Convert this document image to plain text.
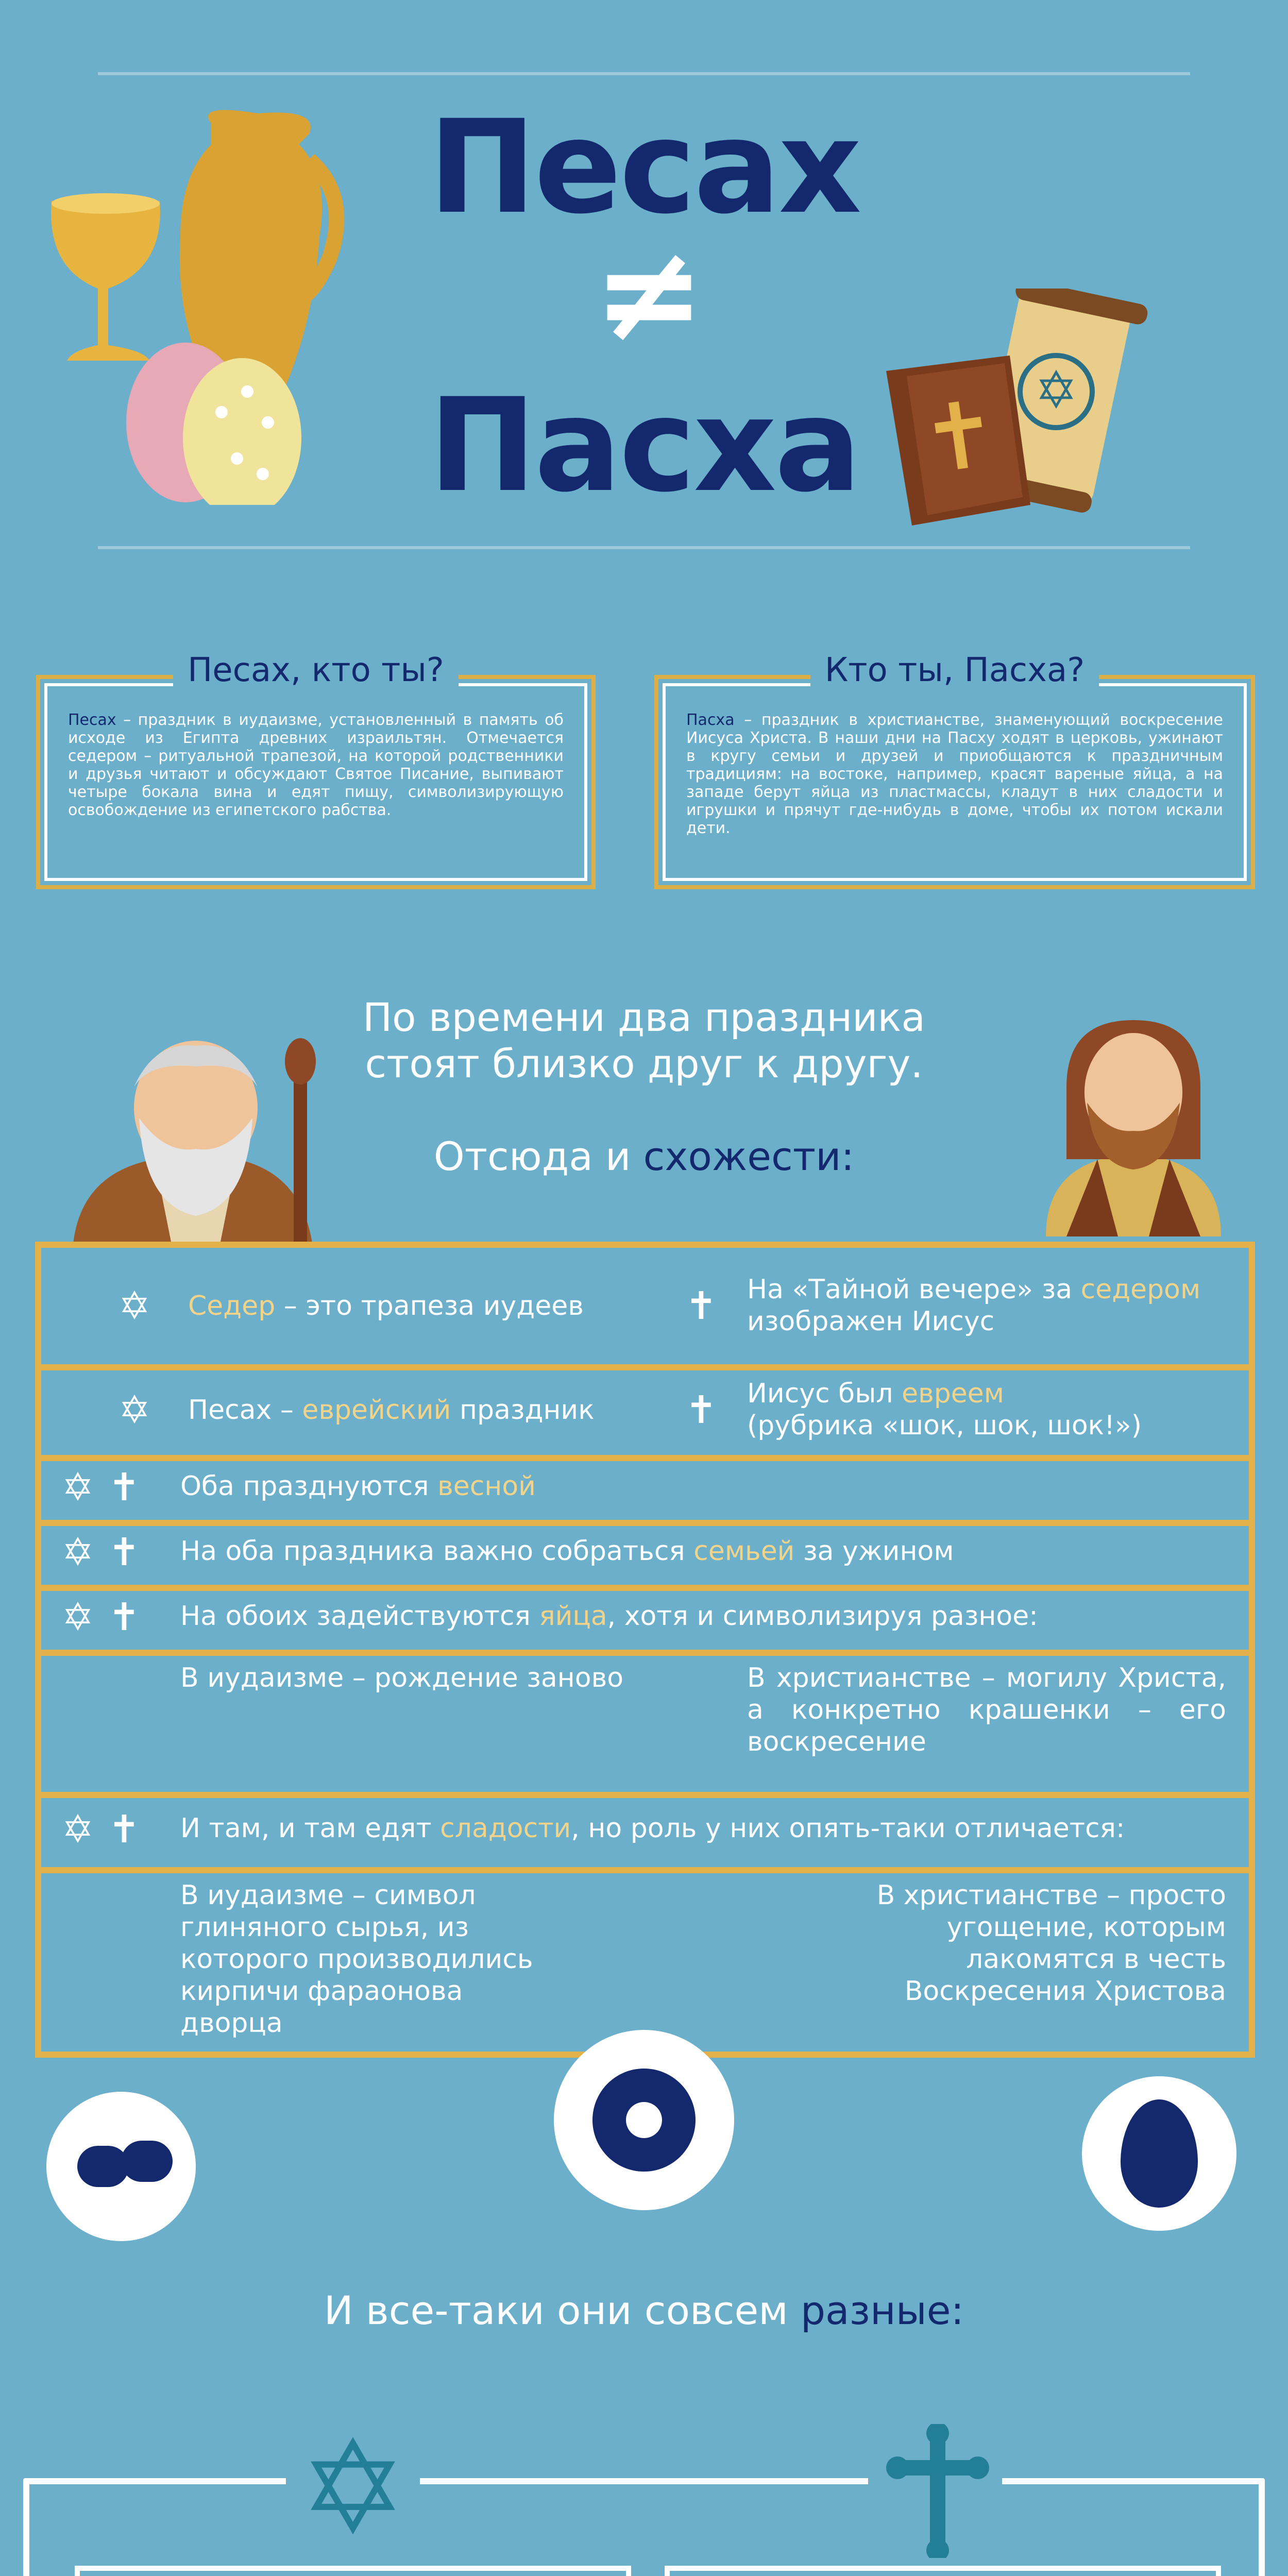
Песах
≠
Пасха	✡
Песах, кто ты?
Песах – праздник в иудаизме, установленный в память об исходе из Египта древних израильтян. Отмечается седером – ритуальной трапезой, на которой родственники и друзья читают и обсуждают Святое Писание, выпивают четыре бокала вина и едят пищу, символизирующую освобождение из египетского рабства.
Кто ты, Пасха?
Пасха – праздник в христианстве, знаменующий воскресение Иисуса Христа. В наши дни на Пасху ходят в церковь, ужинают в кругу семьи и друзей и приобщаются к праздничным традициям: на востоке, например, красят вареные яйца, а на западе берут яйца из пластмассы, кладут в них сладости и игрушки и прячут где-нибудь в доме, чтобы их потом искали дети.
По времени два праздника
стоят близко друг к другу.
Отсюда и схожести:
✡ Седер – это трапеза иудеев	✝ На «Тайной вечере» за седером
изображен Иисус
✡ Песах – еврейский праздник ✝ Иисус был евреем
(рубрика «шок, шок, шок!»)
✡ ✝ Оба празднуются весной
✡ ✝ На оба праздника важно собраться семьей за ужином
✡ ✝ На обоих задействуются яйца, хотя и символизируя разное:
В иудаизме – рождение заново	В христианстве – могилу Христа, а конкретно крашенки – его воскресение
✡ ✝ И там, и там едят сладости, но роль у них опять-таки отличается:
В иудаизме – символ глиняного сырья, из которого производились кирпичи фараонова дворца
В христианстве – просто угощение, которым лакомятся в честь Воскресения Христова
И все-таки они совсем разные:
✡
